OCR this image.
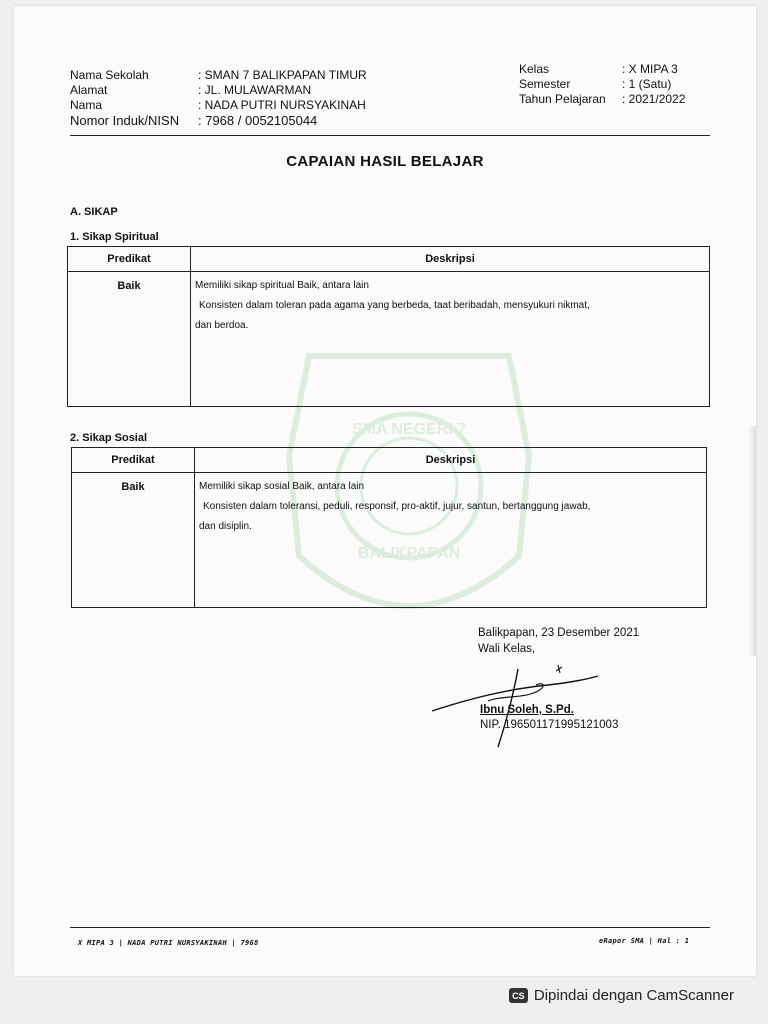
SMA NEGERI 7
BALIKPAPAN
Nama Sekolah	: SMAN 7 BALIKPAPAN TIMUR
Alamat	: JL. MULAWARMAN
Nama	: NADA PUTRI NURSYAKINAH
Nomor Induk/NISN	: 7968 / 0052105044
Kelas	: X MIPA 3
Semester	: 1 (Satu)
Tahun Pelajaran	: 2021/2022
CAPAIAN HASIL BELAJAR
A. SIKAP
1. Sikap Spiritual
Predikat	Deskripsi
Baik	Memiliki sikap spiritual Baik, antara lain
Konsisten dalam toleran pada agama yang berbeda, taat beribadah, mensyukuri nikmat,
dan berdoa.
2. Sikap Sosial
Predikat	Deskripsi
Baik	Memiliki sikap sosial Baik, antara lain
Konsisten dalam toleransi, peduli, responsif, pro-aktif, jujur, santun, bertanggung jawab,
dan disiplin.
Balikpapan, 23 Desember 2021
Wali Kelas,
Ibnu Soleh, S.Pd.
NIP. 196501171995121003
X MIPA 3 | NADA PUTRI NURSYAKINAH | 7968	eRapor SMA | Hal : 1
CS Dipindai dengan CamScanner
